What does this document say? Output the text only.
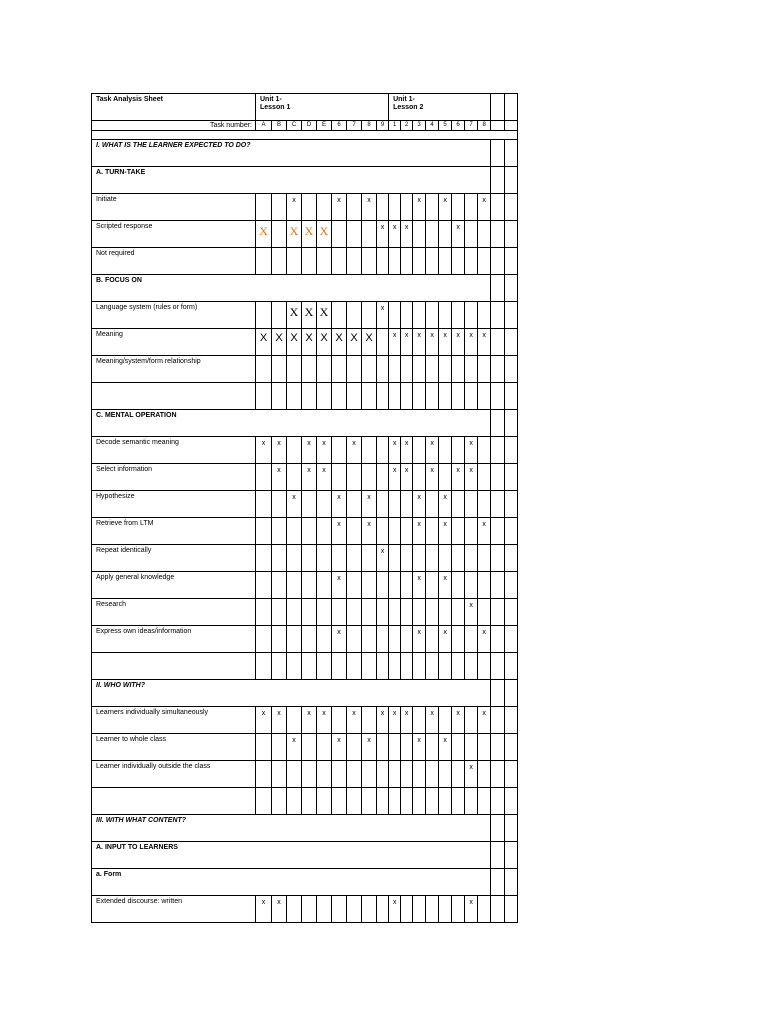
Task Analysis Sheet	Unit 1-
Lesson 1									Unit 1-
Lesson 2									
Task number:	A	B	C	D	E	6	7	8	9	1	2	3	4	5	6	7	8		

I. WHAT IS THE LEARNER EXPECTED TO DO?																			
A. TURN-TAKE																			
Initiate			x			x		x				x		x			x		
Scripted response	X		X	X	X				x	x	x				x				
Not required																			
B. FOCUS ON																			
Language system (rules or form)			X	X	X				x										
Meaning	X	X	X	X	X	X	X	X		x	x	x	x	x	x	x	x		
Meaning/system/form relationship																			

C. MENTAL OPERATION																			
Decode semantic meaning	x	x		x	x		x			x	x		x			x			
Select information		x		x	x					x	x		x		x	x			
Hypothesize			x			x		x				x		x					
Retrieve from LTM						x		x				x		x			x		
Repeat identically									x										
Apply general knowledge						x						x		x					
Research																x			
Express own ideas/information						x						x		x			x		

II. WHO WITH?																			
Learners individually simultaneously	x	x		x	x		x		x	x	x		x		x		x		
Learner to whole class			x			x		x				x		x					
Learner individually outside the class																x			

III. WITH WHAT CONTENT?																			
A. INPUT TO LEARNERS																			
a. Form																			
Extended discourse: written	x	x								x						x			
